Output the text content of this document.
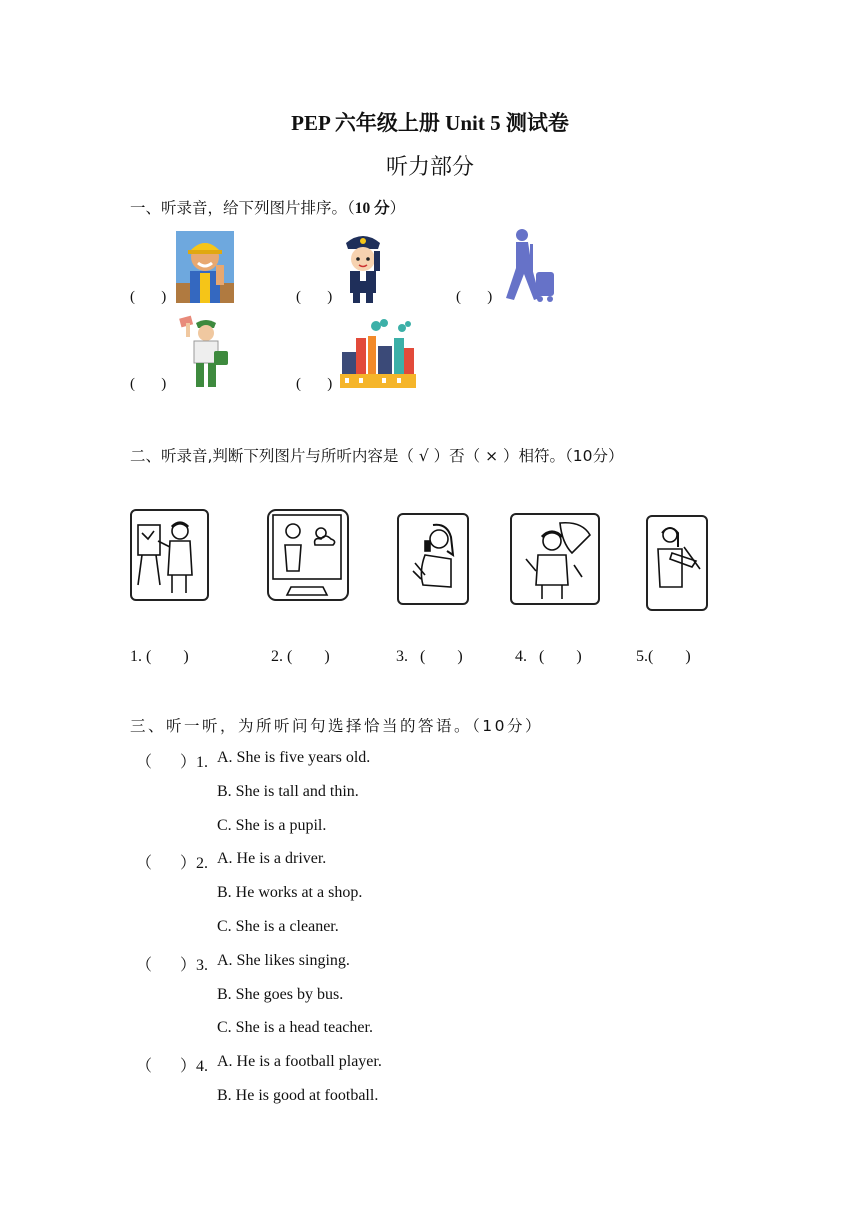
PEP 六年级上册 Unit 5 测试卷
听力部分
一、听录音，给下列图片排序。（10 分）
(       )	(       )	(       )
(       )	(       )
二、听录音,判断下列图片与所听内容是（ √ ）否（ × ）相符。（10分）
1. (        )	2. (        )	3.   (        )	4.   (        )	5.(        )
三、听一听，为所听问句选择恰当的答语。（10分）
（       ）1. A. She is five years old.
B. She is tall and thin.
C. She is a pupil.
（       ）2. A. He is a driver.
B. He works at a shop.
C. She is a cleaner.
（       ）3. A. She likes singing.
B. She goes by bus.
C. She is a head teacher.
（       ）4. A. He is a football player.
B. He is good at football.
